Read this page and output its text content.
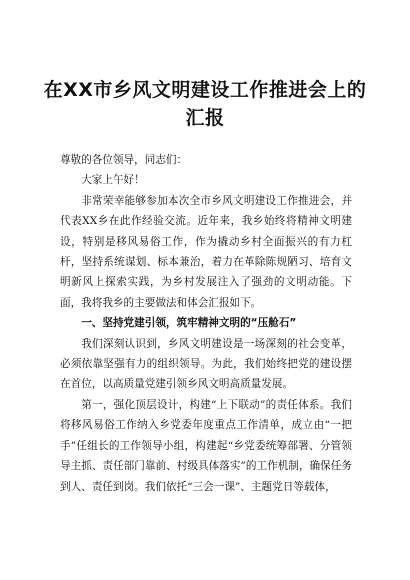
在XX市乡风文明建设工作推进会上的汇报

尊敬的各位领导，同志们：

大家上午好！

非常荣幸能够参加本次全市乡风文明建设工作推进会，并代表XX乡在此作经验交流。近年来，我乡始终将精神文明建设，特别是移风易俗工作，作为撬动乡村全面振兴的有力杠杆，坚持系统谋划、标本兼治，着力在革除陈规陋习、培育文明新风上探索实践，为乡村发展注入了强劲的文明动能。下面，我将我乡的主要做法和体会汇报如下。

一、坚持党建引领，筑牢精神文明的“压舱石”

我们深刻认识到，乡风文明建设是一场深刻的社会变革，必须依靠坚强有力的组织领导。为此，我们始终把党的建设摆在首位，以高质量党建引领乡风文明高质量发展。

第一，强化顶层设计，构建“上下联动”的责任体系。我们将移风易俗工作纳入乡党委年度重点工作清单，成立由“一把手”任组长的工作领导小组，构建起“乡党委统筹部署、分管领导主抓、责任部门靠前、村级具体落实”的工作机制，确保任务到人、责任到岗。我们依托“三会一课”、主题党日等载体，
